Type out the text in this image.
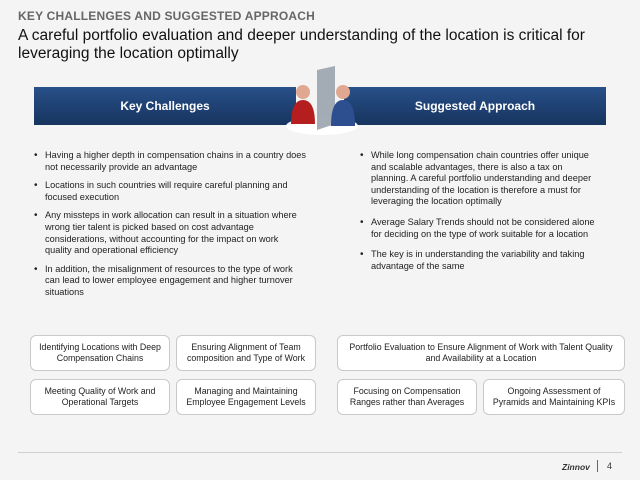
KEY CHALLENGES AND SUGGESTED APPROACH
A careful portfolio evaluation and deeper understanding of the location is critical for leveraging the location optimally
Key Challenges	Suggested Approach
• Having a higher depth in compensation chains in a country does not necessarily provide an advantage
• Locations in such countries will require careful planning and focused execution
• Any missteps in work allocation can result in a situation where wrong tier talent is picked based on cost advantage considerations, without accounting for the impact on work quality and operational efficiency
• In addition, the misalignment of resources to the type of work can lead to lower employee engagement and higher turnover situations
• While long compensation chain countries offer unique and scalable advantages, there is also a tax on planning. A careful portfolio understanding and deeper understanding of the location is therefore a must for leveraging the location optimally
• Average Salary Trends should not be considered alone for deciding on the type of work suitable for a location
• The key is in understanding the variability and taking advantage of the same
Identifying Locations with Deep Compensation Chains
Ensuring Alignment of Team composition and Type of Work
Meeting Quality of Work and Operational Targets
Managing and Maintaining Employee Engagement Levels
Portfolio Evaluation to Ensure Alignment of Work with Talent Quality and Availability at a Location
Focusing on Compensation Ranges rather than Averages
Ongoing Assessment of Pyramids and Maintaining KPIs
Zinnov 4
